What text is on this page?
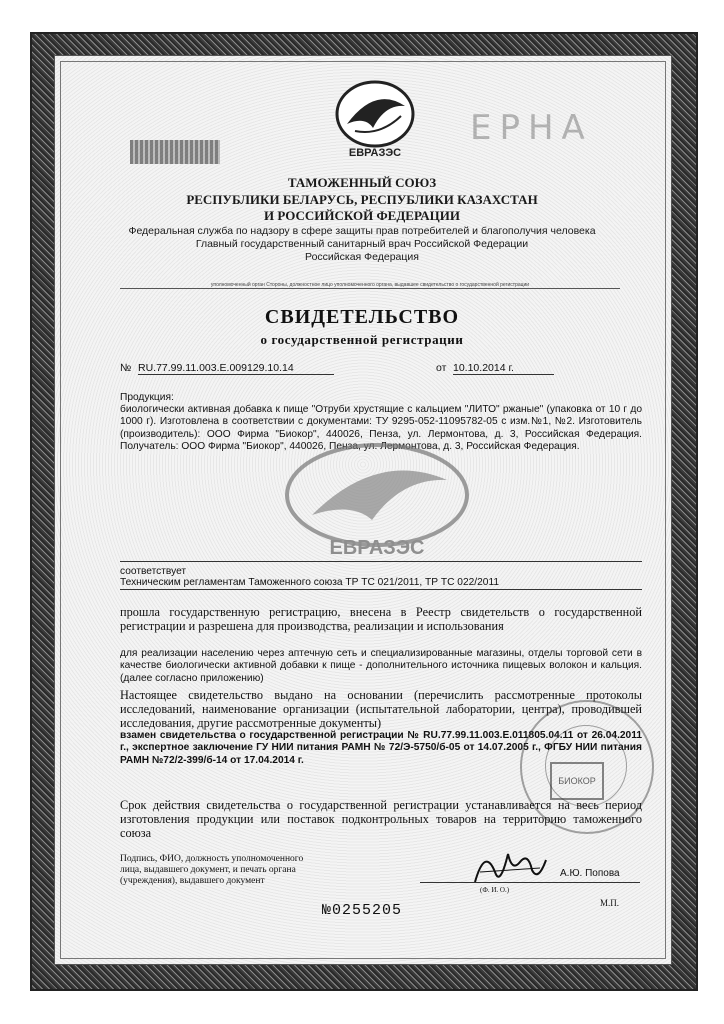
ЕВРАЗЭС
ЕРНА
ТАМОЖЕННЫЙ СОЮЗ
РЕСПУБЛИКИ БЕЛАРУСЬ, РЕСПУБЛИКИ КАЗАХСТАН
И РОССИЙСКОЙ ФЕДЕРАЦИИ
Федеральная служба по надзору в сфере защиты прав потребителей и благополучия человека
Главный государственный санитарный врач Российской Федерации
Российская Федерация
уполномоченный орган Стороны, должностное лицо уполномоченного органа, выдавшее свидетельство о государственной регистрации
СВИДЕТЕЛЬСТВО
о государственной регистрации
№ RU.77.99.11.003.E.009129.10.14	от 10.10.2014 г.
Продукция:
биологически активная добавка к пище "Отруби хрустящие с кальцием "ЛИТО" ржаные" (упаковка от 10 г до 1000 г). Изготовлена в соответствии с документами: ТУ 9295-052-11095782-05 с изм.№1, №2. Изготовитель (производитель): ООО Фирма "Биокор", 440026, Пенза, ул. Лермонтова, д. 3, Российская Федерация. Получатель: ООО Фирма "Биокор", 440026, Пенза, ул. Лермонтова, д. 3, Российская Федерация.
ЕВРАЗЭС
соответствует
Техническим регламентам Таможенного союза ТР ТС 021/2011, ТР ТС 022/2011
прошла государственную регистрацию, внесена в Реестр свидетельств о государственной регистрации и разрешена для производства, реализации и использования
для реализации населению через аптечную сеть и специализированные магазины, отделы торговой сети в качестве биологически активной добавки к пище - дополнительного источника пищевых волокон и кальция. (далее согласно приложению)
Настоящее свидетельство выдано на основании (перечислить рассмотренные протоколы исследований, наименование организации (испытательной лаборатории, центра), проводившей исследования, другие рассмотренные документы)
взамен свидетельства о государственной регистрации № RU.77.99.11.003.E.011805.04.11 от 26.04.2011 г., экспертное заключение ГУ НИИ питания РАМН № 72/Э-5750/б-05 от 14.07.2005 г., ФГБУ НИИ питания РАМН №72/2-399/б-14 от 17.04.2014 г.
БИОКОР
Срок действия свидетельства о государственной регистрации устанавливается на весь период изготовления продукции или поставок подконтрольных товаров на территорию таможенного союза
Подпись, ФИО, должность уполномоченного лица, выдавшего документ, и печать органа (учреждения), выдавшего документ
А.Ю. Попова
(Ф. И. О.)
М.П.
№0255205
